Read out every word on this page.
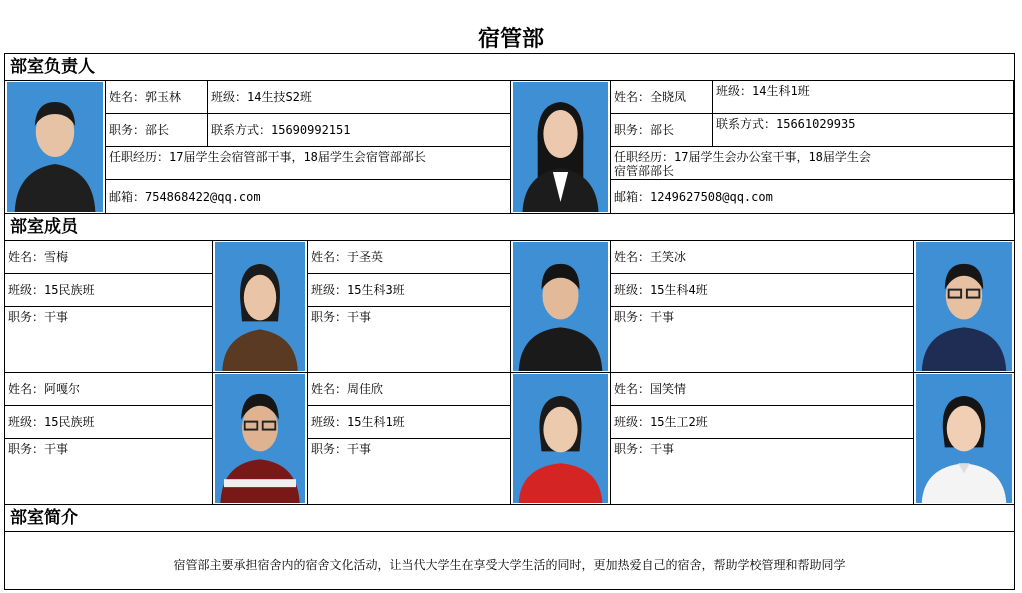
宿管部
部室负责人
姓名：郭玉林	班级：14生技S2班
职务：部长	联系方式：15690992151
任职经历：17届学生会宿管部干事，18届学生会宿管部部长
邮箱：754868422@qq.com
姓名：全晓凤	班级：14生科1班
职务：部长	联系方式：15661029935
任职经历：17届学生会办公室干事，18届学生会
宿管部部长
邮箱：1249627508@qq.com
部室成员
姓名：雪梅
班级：15民族班
职务：干事
姓名：于圣英
班级：15生科3班
职务：干事
姓名：王笑冰
班级：15生科4班
职务：干事
姓名：阿嘎尔
班级：15民族班
职务：干事
姓名：周佳欣
班级：15生科1班
职务：干事
姓名：国笑情
班级：15生工2班
职务：干事
部室简介
宿管部主要承担宿舍内的宿舍文化活动，让当代大学生在享受大学生活的同时，更加热爱自己的宿舍，帮助学校管理和帮助同学
